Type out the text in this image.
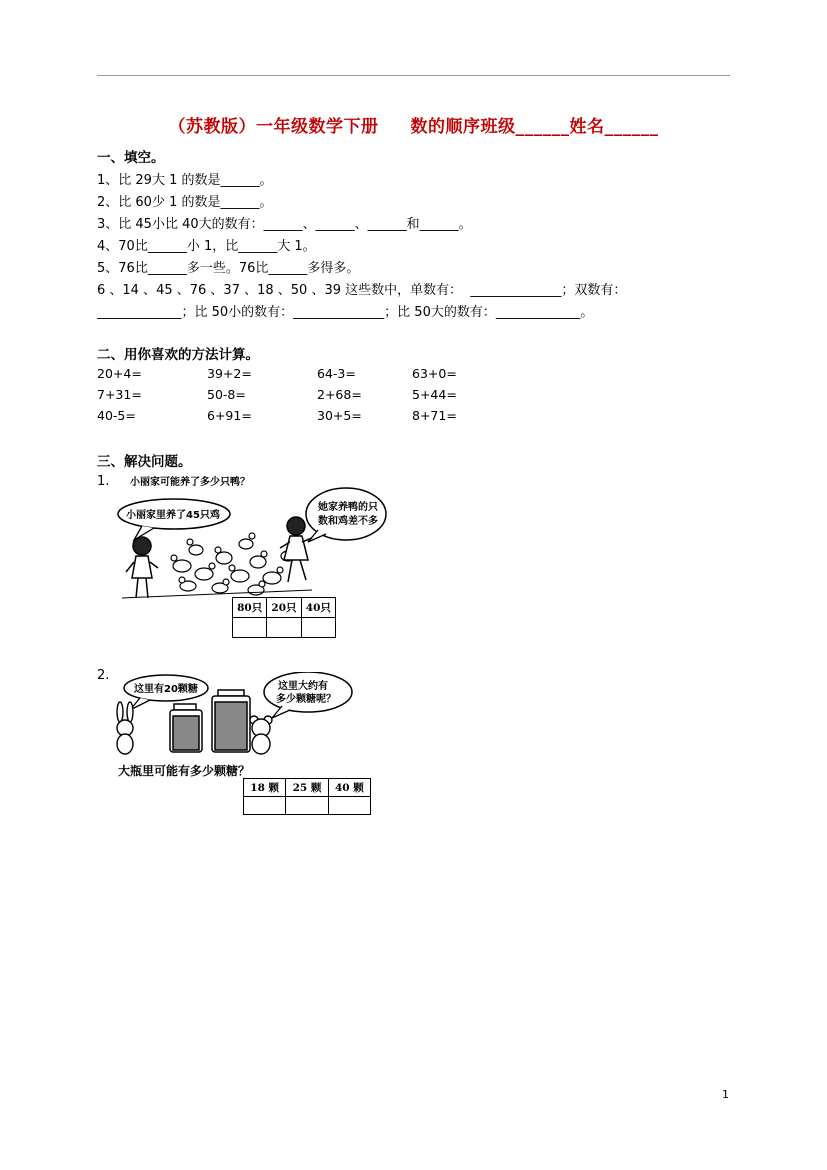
（苏教版）一年级数学下册     数的顺序班级______姓名______
一、填空。
1、比 29大 1 的数是______。
2、比 60少 1 的数是______。
3、比 45小比 40大的数有：______、______、______和______。
4、70比______小 1，比______大 1。
5、76比______多一些。76比______多得多。
6 、14 、45 、76 、37 、18 、50 、39 这些数中，单数有：  ______________；双数有：
_____________；比 50小的数有：______________；比 50大的数有：_____________。
二、用你喜欢的方法计算。
20+4=	39+2=	64-3=	63+0=
7+31=	50-8=	2+68=	5+44=
40-5=	6+91=	30+5=	8+71=
三、解决问题。
1. 小丽家可能养了多少只鸭？
小丽家里养了45只鸡
她家养鸭的只
数和鸡差不多
80只	20只	40只

2.
这里有20颗糖	这里大约有
多少颗糖呢？
大瓶里可能有多少颗糖？
18 颗	25 颗	40 颗

1
